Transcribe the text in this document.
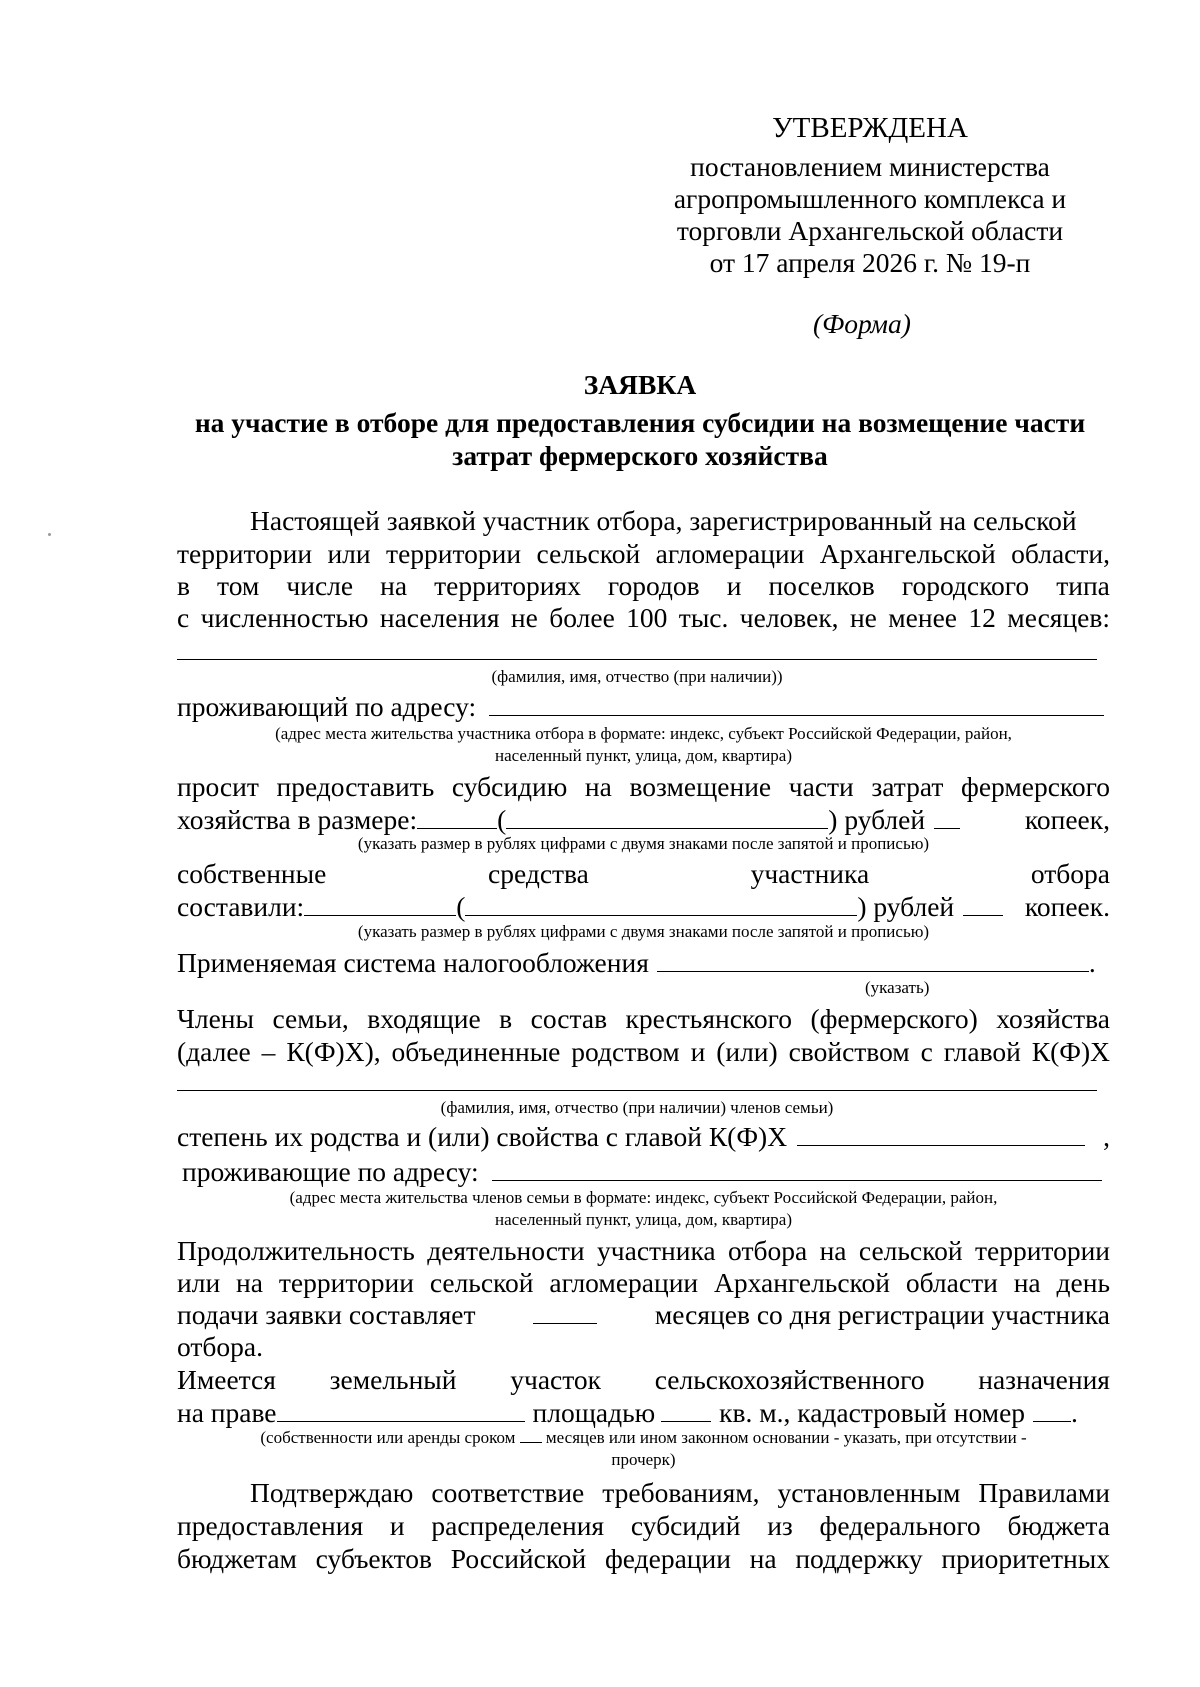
УТВЕРЖДЕНА
постановлением министерства
агропромышленного комплекса и
торговли Архангельской области
от 17 апреля 2026 г. № 19-п
(Форма)
ЗАЯВКА
на участие в отборе для предоставления субсидии на возмещение части
затрат фермерского хозяйства
Настоящей заявкой участник отбора, зарегистрированный на сельской
территории или территории сельской агломерации Архангельской области,
в том числе на территориях городов и поселков городского типа
с численностью населения не более 100 тыс. человек, не менее 12 месяцев:
(фамилия, имя, отчество (при наличии))
проживающий по адресу:
(адрес места жительства участника отбора в формате: индекс, субъект Российской Федерации, район,
населенный пункт, улица, дом, квартира)
просит предоставить субсидию на возмещение части затрат фермерского
хозяйства в размере:	(	) рублей	копеек,
(указать размер в рублях цифрами с двумя знаками после запятой и прописью)
собственные	средства	участника	отбора
составили:	(	) рублей	копеек.
(указать размер в рублях цифрами с двумя знаками после запятой и прописью)
Применяемая система налогообложения	.
(указать)
Члены семьи, входящие в состав крестьянского (фермерского) хозяйства
(далее – К(Ф)Х), объединенные родством и (или) свойством с главой К(Ф)Х
(фамилия, имя, отчество (при наличии) членов семьи)
степень их родства и (или) свойства с главой К(Ф)Х	,
проживающие по адресу:
(адрес места жительства членов семьи в формате: индекс, субъект Российской Федерации, район,
населенный пункт, улица, дом, квартира)
Продолжительность деятельности участника отбора на сельской территории
или на территории сельской агломерации Архангельской области на день
подачи заявки составляет	месяцев со дня регистрации участника
отбора.
Имеется земельный участок сельскохозяйственного назначения
на праве	площадью кв. м., кадастровый номер .
(собственности или аренды сроком месяцев или ином законном основании - указать, при отсутствии -
прочерк)
Подтверждаю соответствие требованиям, установленным Правилами
предоставления и распределения субсидий из федерального бюджета
бюджетам субъектов Российской федерации на поддержку приоритетных
